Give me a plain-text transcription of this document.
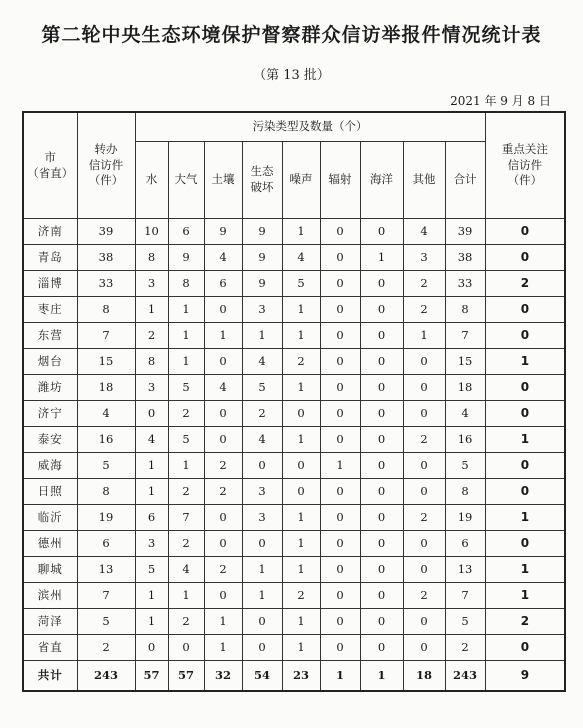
第二轮中央生态环境保护督察群众信访举报件情况统计表
（第 13 批）
2021 年 9 月 8 日
市
（省直）	转办
信访件
（件）	污染类型及数量（个）									重点关注
信访件
（件）
		水	大气	土壤	生态
破坏	噪声	辐射	海洋	其他	合计	
济南	39	10	6	9	9	1	0	0	4	39	0
青岛	38	8	9	4	9	4	0	1	3	38	0
淄博	33	3	8	6	9	5	0	0	2	33	2
枣庄	8	1	1	0	3	1	0	0	2	8	0
东营	7	2	1	1	1	1	0	0	1	7	0
烟台	15	8	1	0	4	2	0	0	0	15	1
潍坊	18	3	5	4	5	1	0	0	0	18	0
济宁	4	0	2	0	2	0	0	0	0	4	0
泰安	16	4	5	0	4	1	0	0	2	16	1
威海	5	1	1	2	0	0	1	0	0	5	0
日照	8	1	2	2	3	0	0	0	0	8	0
临沂	19	6	7	0	3	1	0	0	2	19	1
德州	6	3	2	0	0	1	0	0	0	6	0
聊城	13	5	4	2	1	1	0	0	0	13	1
滨州	7	1	1	0	1	2	0	0	2	7	1
菏泽	5	1	2	1	0	1	0	0	0	5	2
省直	2	0	0	1	0	1	0	0	0	2	0
共计	243	57	57	32	54	23	1	1	18	243	9
